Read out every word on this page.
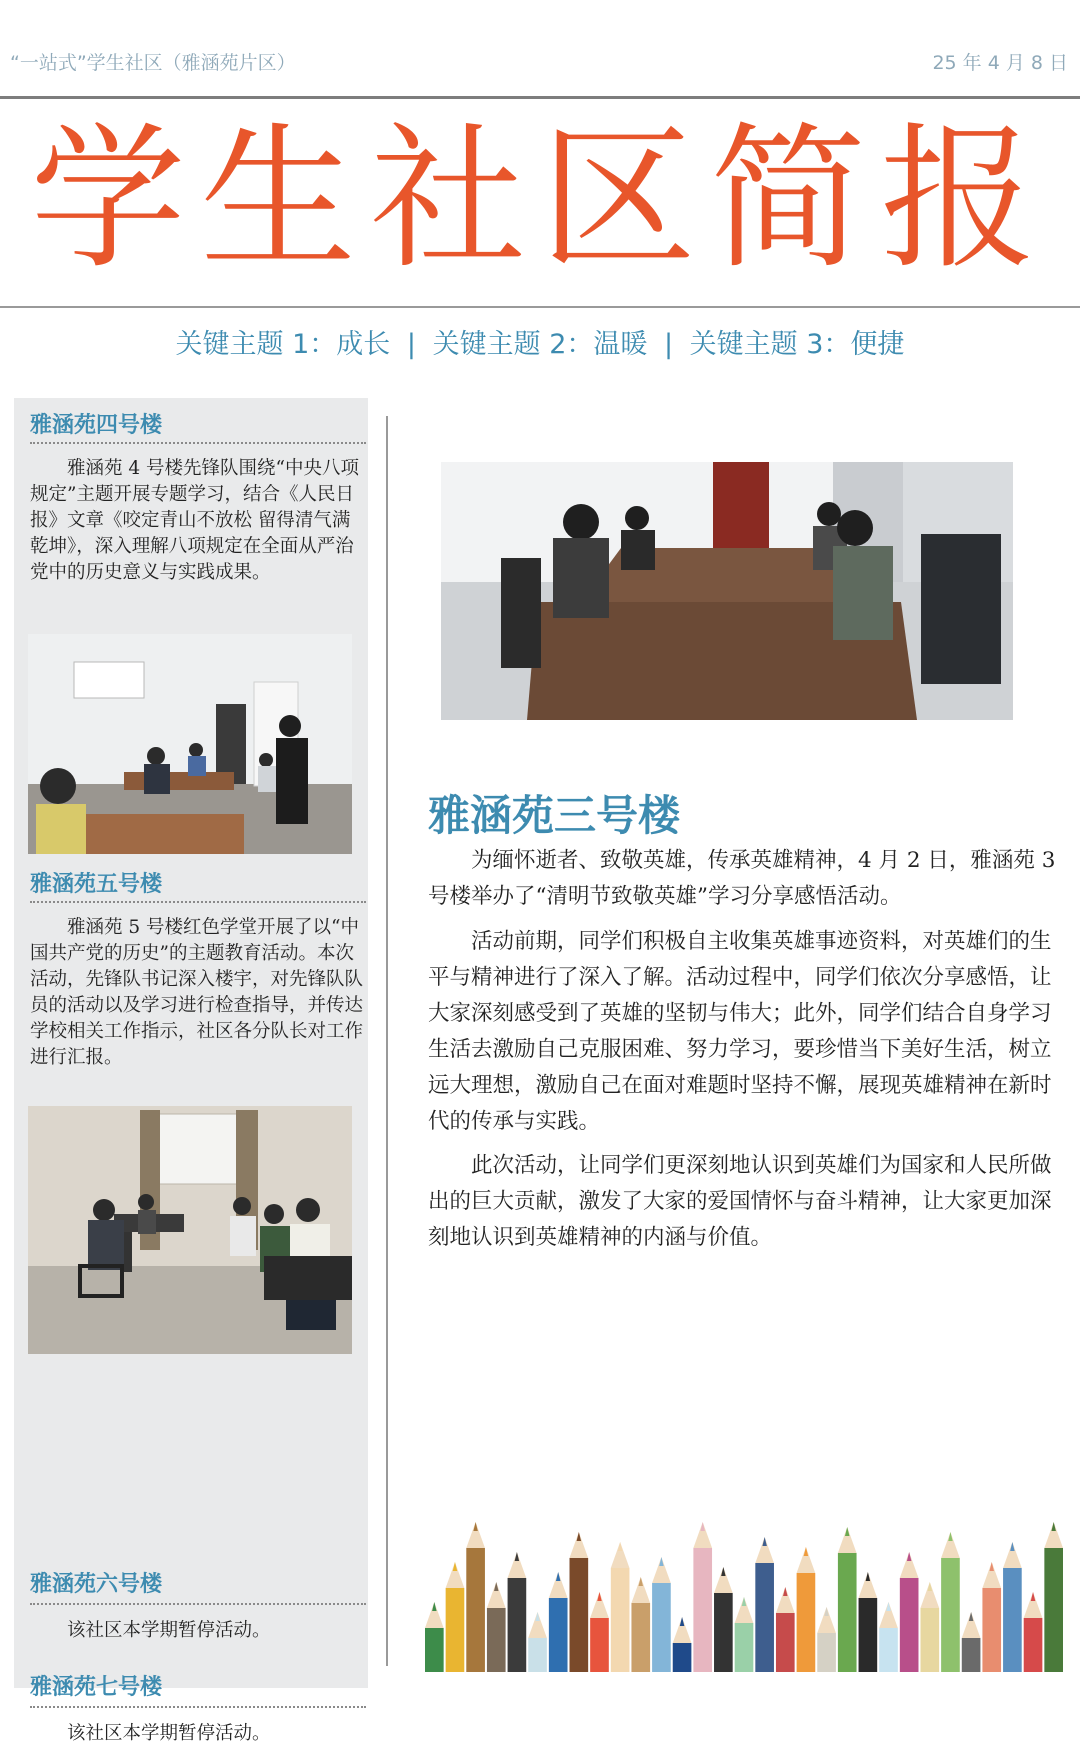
“一站式”学生社区（雅涵苑片区）	25 年 4 月 8 日
学生社区简报
关键主题 1：成长 | 关键主题 2：温暖 | 关键主题 3：便捷
雅涵苑四号楼
雅涵苑 4 号楼先锋队围绕“中央八项规定”主题开展专题学习，结合《人民日报》文章《咬定青山不放松 留得清气满乾坤》，深入理解八项规定在全面从严治党中的历史意义与实践成果。
雅涵苑五号楼
雅涵苑 5 号楼红色学堂开展了以“中国共产党的历史”的主题教育活动。本次活动，先锋队书记深入楼宇，对先锋队队员的活动以及学习进行检查指导，并传达学校相关工作指示，社区各分队长对工作进行汇报。
雅涵苑六号楼
该社区本学期暂停活动。
雅涵苑七号楼
该社区本学期暂停活动。
雅涵苑三号楼
为缅怀逝者、致敬英雄，传承英雄精神，4 月 2 日，雅涵苑 3 号楼举办了“清明节致敬英雄”学习分享感悟活动。
活动前期，同学们积极自主收集英雄事迹资料，对英雄们的生平与精神进行了深入了解。活动过程中，同学们依次分享感悟，让大家深刻感受到了英雄的坚韧与伟大；此外，同学们结合自身学习生活去激励自己克服困难、努力学习，要珍惜当下美好生活，树立远大理想，激励自己在面对难题时坚持不懈，展现英雄精神在新时代的传承与实践。
此次活动，让同学们更深刻地认识到英雄们为国家和人民所做出的巨大贡献，激发了大家的爱国情怀与奋斗精神，让大家更加深刻地认识到英雄精神的内涵与价值。
